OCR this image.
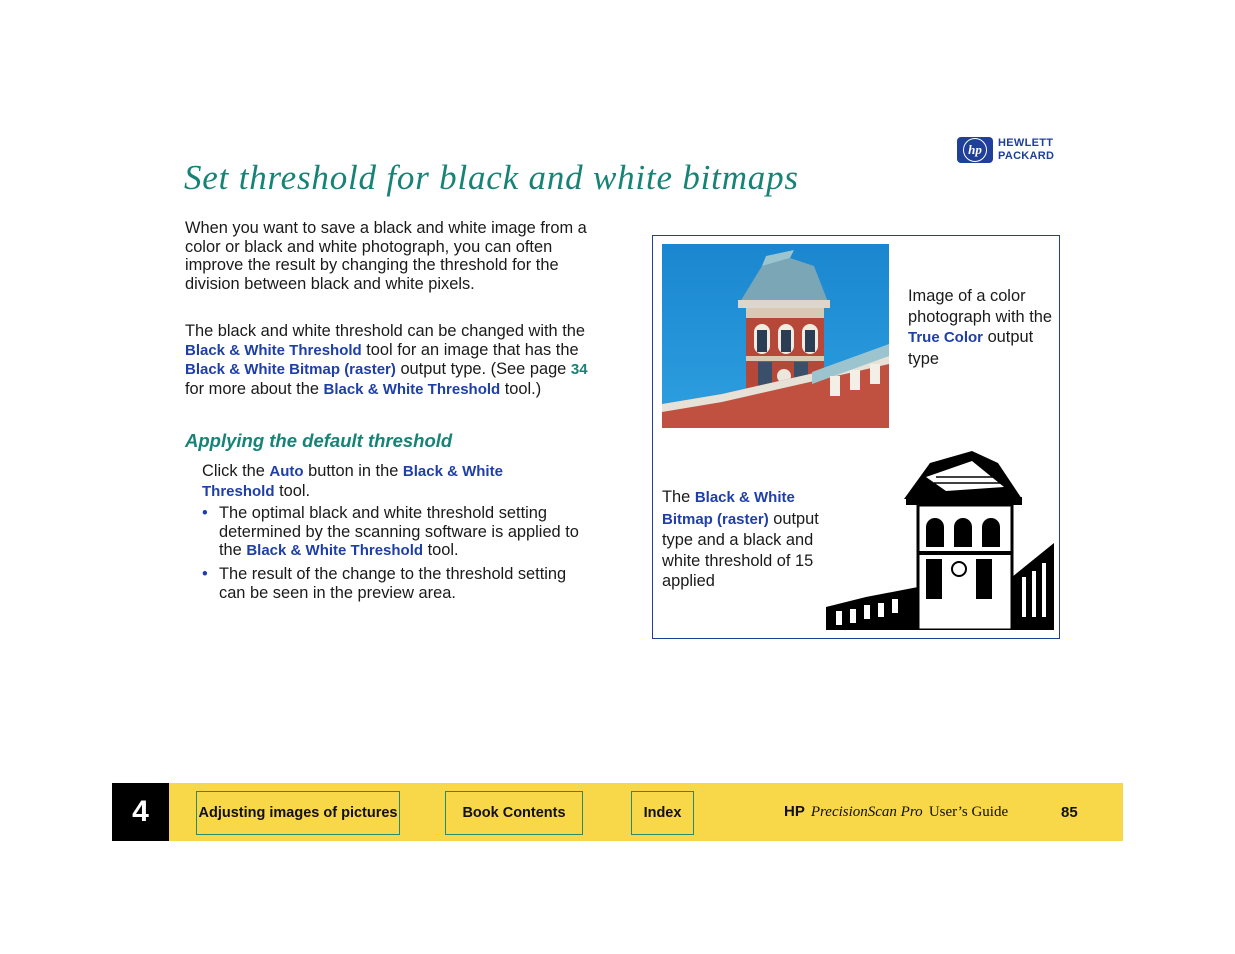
hp	HEWLETT
PACKARD
Set threshold for black and white bitmaps

When you want to save a black and white image from a color or black and white photograph, you can often improve the result by changing the threshold for the division between black and white pixels.

The black and white threshold can be changed with the Black & White Threshold tool for an image that has the Black & White Bitmap (raster) output type. (See page 34 for more about the Black & White Threshold tool.)

Applying the default threshold

Click the Auto button in the Black & White Threshold tool.

• The optimal black and white threshold setting determined by the scanning software is applied to the Black & White Threshold tool.
• The result of the change to the threshold setting can be seen in the preview area.

Image of a color photograph with the True Color output type

The Black & White Bitmap (raster) output type and a black and white threshold of 15 applied

4	Adjusting images of pictures	Book Contents	Index	HP PrecisionScan Pro User’s Guide	85
